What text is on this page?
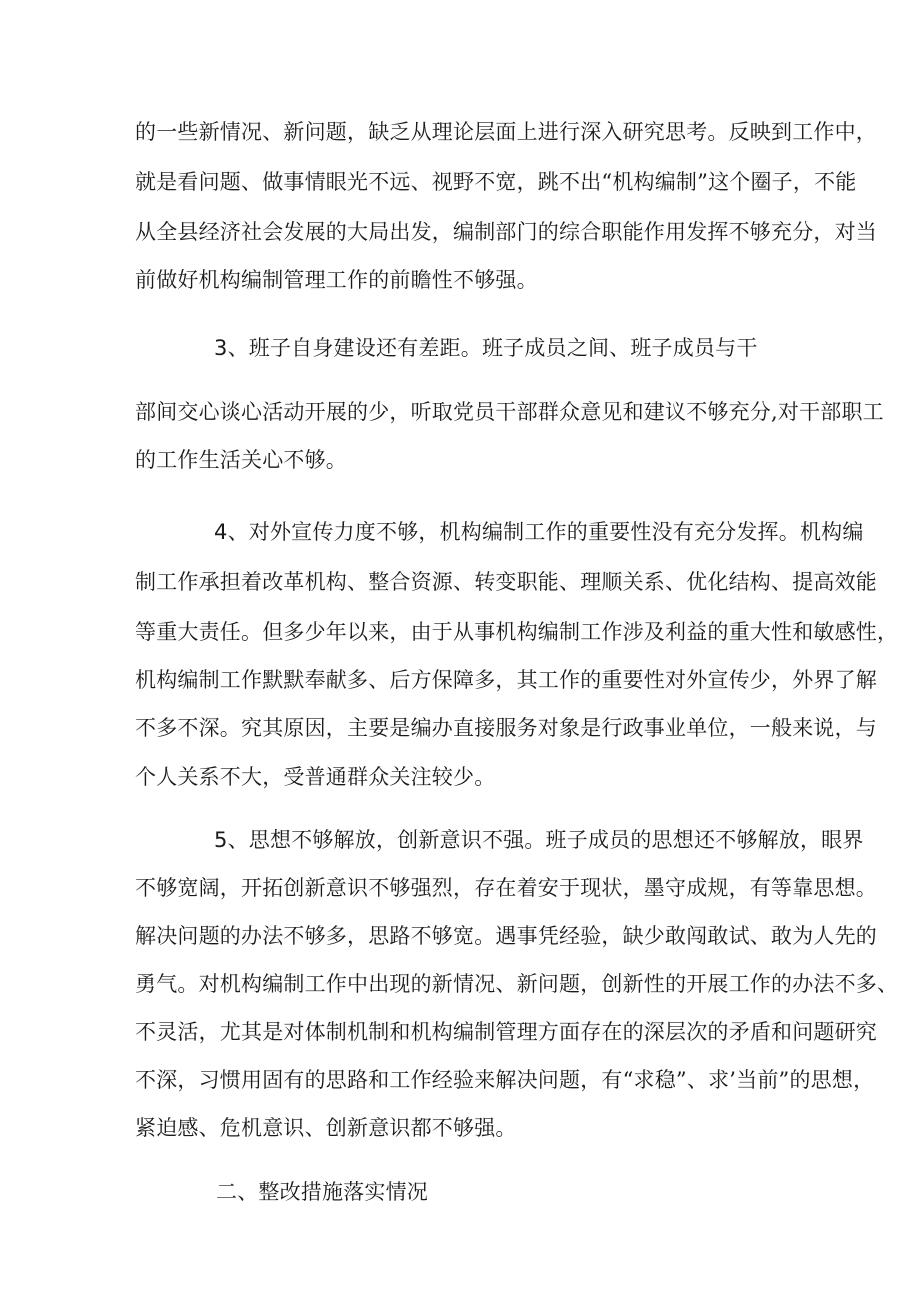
的一些新情况、新问题，缺乏从理论层面上进行深入研究思考。反映到工作中，
就是看问题、做事情眼光不远、视野不宽，跳不出“机构编制”这个圈子，不能
从全县经济社会发展的大局出发，编制部门的综合职能作用发挥不够充分，对当
前做好机构编制管理工作的前瞻性不够强。
3、班子自身建设还有差距。班子成员之间、班子成员与干
部间交心谈心活动开展的少，听取党员干部群众意见和建议不够充分,对干部职工
的工作生活关心不够。
4、对外宣传力度不够，机构编制工作的重要性没有充分发挥。机构编
制工作承担着改革机构、整合资源、转变职能、理顺关系、优化结构、提高效能
等重大责任。但多少年以来，由于从事机构编制工作涉及利益的重大性和敏感性，
机构编制工作默默奉献多、后方保障多，其工作的重要性对外宣传少，外界了解
不多不深。究其原因，主要是编办直接服务对象是行政事业单位，一般来说，与
个人关系不大，受普通群众关注较少。
5、思想不够解放，创新意识不强。班子成员的思想还不够解放，眼界
不够宽阔，开拓创新意识不够强烈，存在着安于现状，墨守成规，有等靠思想。
解决问题的办法不够多，思路不够宽。遇事凭经验，缺少敢闯敢试、敢为人先的
勇气。对机构编制工作中出现的新情况、新问题，创新性的开展工作的办法不多、
不灵活，尤其是对体制机制和机构编制管理方面存在的深层次的矛盾和问题研究
不深，习惯用固有的思路和工作经验来解决问题，有“求稳”、求’当前”的思想，
紧迫感、危机意识、创新意识都不够强。
二、整改措施落实情况
